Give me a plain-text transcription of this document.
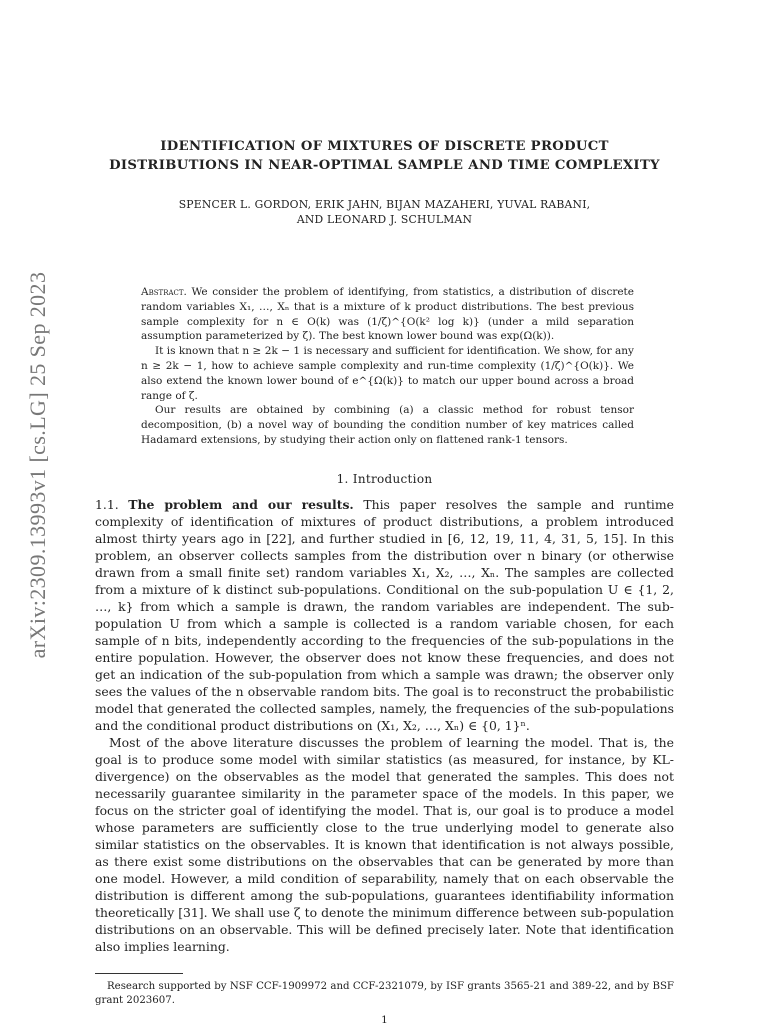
arXiv:2309.13993v1 [cs.LG] 25 Sep 2023
IDENTIFICATION OF MIXTURES OF DISCRETE PRODUCT
DISTRIBUTIONS IN NEAR-OPTIMAL SAMPLE AND TIME COMPLEXITY
SPENCER L. GORDON, ERIK JAHN, BIJAN MAZAHERI, YUVAL RABANI,
AND LEONARD J. SCHULMAN

Abstract. We consider the problem of identifying, from statistics, a distribution of discrete random variables X₁, …, Xₙ that is a mixture of k product distributions. The best previous sample complexity for n ∈ O(k) was (1/ζ)^{O(k² log k)} (under a mild separation assumption parameterized by ζ). The best known lower bound was exp(Ω(k)).

It is known that n ≥ 2k − 1 is necessary and sufficient for identification. We show, for any n ≥ 2k − 1, how to achieve sample complexity and run-time complexity (1/ζ)^{O(k)}. We also extend the known lower bound of e^{Ω(k)} to match our upper bound across a broad range of ζ.

Our results are obtained by combining (a) a classic method for robust tensor decomposition, (b) a novel way of bounding the condition number of key matrices called Hadamard extensions, by studying their action only on flattened rank-1 tensors.

1. Introduction

1.1. The problem and our results. This paper resolves the sample and runtime complexity of identification of mixtures of product distributions, a problem introduced almost thirty years ago in [22], and further studied in [6, 12, 19, 11, 4, 31, 5, 15]. In this problem, an observer collects samples from the distribution over n binary (or otherwise drawn from a small finite set) random variables X₁, X₂, …, Xₙ. The samples are collected from a mixture of k distinct sub-populations. Conditional on the sub-population U ∈ {1, 2, …, k} from which a sample is drawn, the random variables are independent. The sub-population U from which a sample is collected is a random variable chosen, for each sample of n bits, independently according to the frequencies of the sub-populations in the entire population. However, the observer does not know these frequencies, and does not get an indication of the sub-population from which a sample was drawn; the observer only sees the values of the n observable random bits. The goal is to reconstruct the probabilistic model that generated the collected samples, namely, the frequencies of the sub-populations and the conditional product distributions on (X₁, X₂, …, Xₙ) ∈ {0, 1}ⁿ.

Most of the above literature discusses the problem of learning the model. That is, the goal is to produce some model with similar statistics (as measured, for instance, by KL-divergence) on the observables as the model that generated the samples. This does not necessarily guarantee similarity in the parameter space of the models. In this paper, we focus on the stricter goal of identifying the model. That is, our goal is to produce a model whose parameters are sufficiently close to the true underlying model to generate also similar statistics on the observables. It is known that identification is not always possible, as there exist some distributions on the observables that can be generated by more than one model. However, a mild condition of separability, namely that on each observable the distribution is different among the sub-populations, guarantees identifiability information theoretically [31]. We shall use ζ to denote the minimum difference between sub-population distributions on an observable. This will be defined precisely later. Note that identification also implies learning.

Research supported by NSF CCF-1909972 and CCF-2321079, by ISF grants 3565-21 and 389-22, and by BSF grant 2023607.
1
